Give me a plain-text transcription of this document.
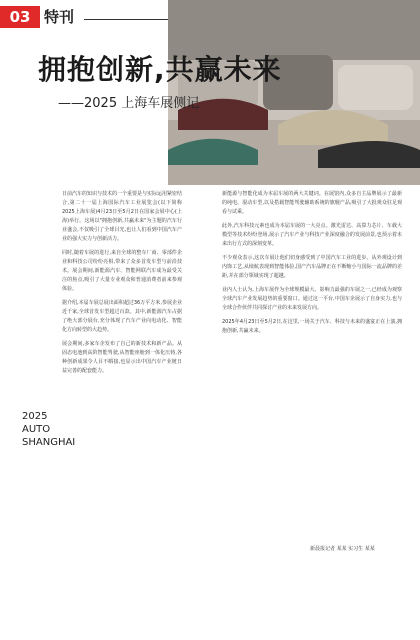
03 特刊
拥抱创新,共赢未来
——2025 上海车展侧记

日前汽车的知识与技术的一个重要是与实际运用紧密结合,第二十一届上海国际汽车工业展览会(以下简称2025上海车展)4月23日至5月2日在国家会展中心(上海)举行。这场以"拥抱创新,共赢未来"为主题的汽车行业盛会,不仅吸引了全球目光,也让人们看到中国汽车产业的强大实力与创新活力。

同时,随着车展的进行,来自全球的整车厂商、零部件企业和科技公司纷纷亮相,带来了众多首发车型与前沿技术。展会期间,新能源汽车、智能网联汽车成为最受关注的焦点,吸引了大量专业观众和普通消费者前来参观体验。

据介绍,本届车展总展出面积超过36万平方米,参展企业近千家,全球首发车型超过百款。其中,新能源汽车占据了绝大部分展台,充分体现了汽车产业向电动化、智能化方向转型的大趋势。

展会期间,多家车企发布了自己的新技术和新产品。从固态电池到高阶智能驾驶,从智能座舱到一体化压铸,各种创新成果令人目不暇接,也显示出中国汽车产业链日益完善的配套能力。

新能源与智能化成为本届车展的两大关键词。在展馆内,众多自主品牌展示了最新的纯电、混动车型,以及搭载智能驾驶辅助系统的旗舰产品,吸引了大批观众驻足观看与试乘。

此外,汽车科技元素也成为本届车展的一大亮点。激光雷达、高算力芯片、车载大模型等技术纷纷登场,展示了汽车产业与科技产业深度融合的发展前景,也预示着未来出行方式的深刻变革。

不少观众表示,这次车展让他们切身感受到了中国汽车工业的进步。从外观设计到内饰工艺,从续航表现到智能体验,国产汽车品牌正在不断缩小与国际一流品牌的差距,并在部分领域实现了超越。

业内人士认为,上海车展作为全球规模最大、影响力最强的车展之一,已经成为观察全球汽车产业发展趋势的重要窗口。通过这一平台,中国车企展示了自身实力,也与全球合作伙伴共同探讨产业的未来发展方向。

2025年4月23日至5月2日,在这里,一场关于汽车、科技与未来的盛宴正在上演,拥抱创新,共赢未来。

2025
AUTO
SHANGHAI
新晨报记者 某某 实习生 某某
